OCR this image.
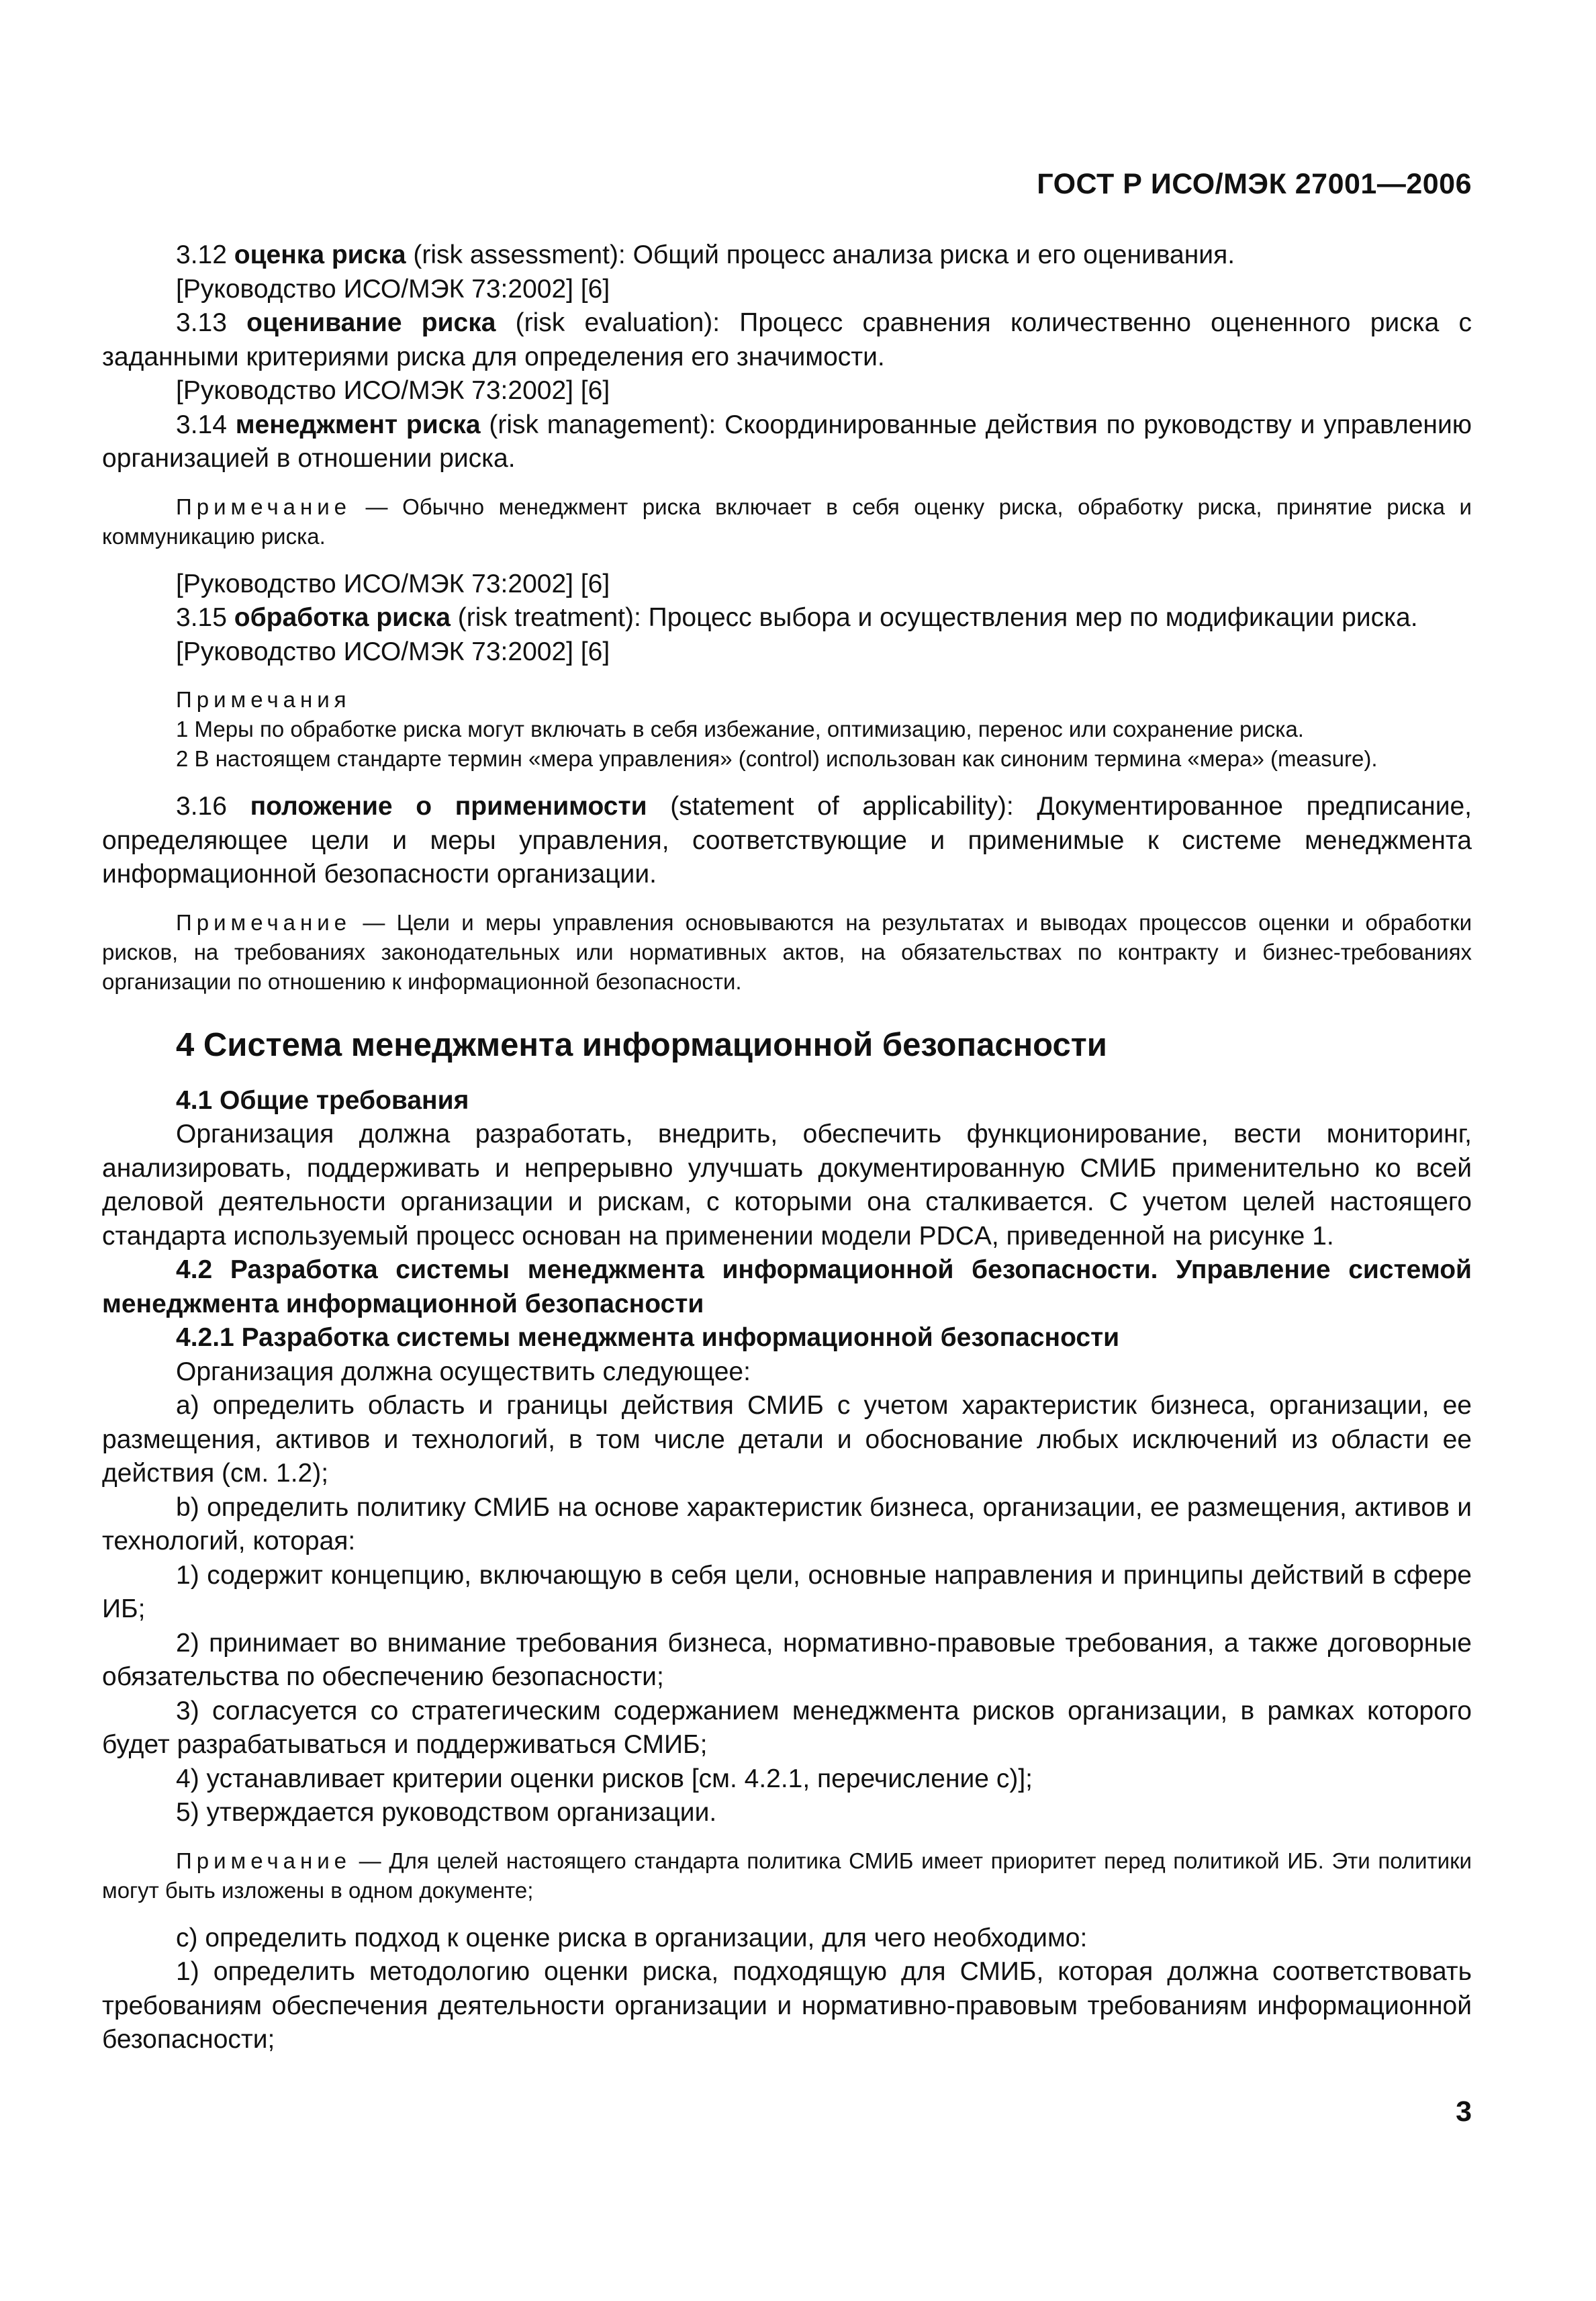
ГОСТ Р ИСО/МЭК 27001—2006

3.12 оценка риска (risk assessment): Общий процесс анализа риска и его оценивания.

[Руководство ИСО/МЭК 73:2002] [6]

3.13 оценивание риска (risk evaluation): Процесс сравнения количественно оцененного риска с заданными критериями риска для определения его значимости.

[Руководство ИСО/МЭК 73:2002] [6]

3.14 менеджмент риска (risk management): Скоординированные действия по руководству и управлению организацией в отношении риска.

Примечание — Обычно менеджмент риска включает в себя оценку риска, обработку риска, принятие риска и коммуникацию риска.

[Руководство ИСО/МЭК 73:2002] [6]

3.15 обработка риска (risk treatment): Процесс выбора и осуществления мер по модификации риска.

[Руководство ИСО/МЭК 73:2002] [6]

Примечания

1 Меры по обработке риска могут включать в себя избежание, оптимизацию, перенос или сохранение риска.

2 В настоящем стандарте термин «мера управления» (control) использован как синоним термина «мера» (measure).

3.16 положение о применимости (statement of applicability): Документированное предписание, определяющее цели и меры управления, соответствующие и применимые к системе менеджмента информационной безопасности организации.

Примечание — Цели и меры управления основываются на результатах и выводах процессов оценки и обработки рисков, на требованиях законодательных или нормативных актов, на обязательствах по контракту и бизнес-требованиях организации по отношению к информационной безопасности.

4 Система менеджмента информационной безопасности

4.1 Общие требования

Организация должна разработать, внедрить, обеспечить функционирование, вести мониторинг, анализировать, поддерживать и непрерывно улучшать документированную СМИБ применительно ко всей деловой деятельности организации и рискам, с которыми она сталкивается. С учетом целей настоящего стандарта используемый процесс основан на применении модели PDCA, приведенной на рисунке 1.

4.2 Разработка системы менеджмента информационной безопасности. Управление системой менеджмента информационной безопасности

4.2.1 Разработка системы менеджмента информационной безопасности

Организация должна осуществить следующее:

a) определить область и границы действия СМИБ с учетом характеристик бизнеса, организации, ее размещения, активов и технологий, в том числе детали и обоснование любых исключений из области ее действия (см. 1.2);

b) определить политику СМИБ на основе характеристик бизнеса, организации, ее размещения, активов и технологий, которая:

1) содержит концепцию, включающую в себя цели, основные направления и принципы действий в сфере ИБ;

2) принимает во внимание требования бизнеса, нормативно-правовые требования, а также договорные обязательства по обеспечению безопасности;

3) согласуется со стратегическим содержанием менеджмента рисков организации, в рамках которого будет разрабатываться и поддерживаться СМИБ;

4) устанавливает критерии оценки рисков [см. 4.2.1, перечисление с)];

5) утверждается руководством организации.

Примечание — Для целей настоящего стандарта политика СМИБ имеет приоритет перед политикой ИБ. Эти политики могут быть изложены в одном документе;

c) определить подход к оценке риска в организации, для чего необходимо:

1) определить методологию оценки риска, подходящую для СМИБ, которая должна соответствовать требованиям обеспечения деятельности организации и нормативно-правовым требованиям информационной безопасности;

3
